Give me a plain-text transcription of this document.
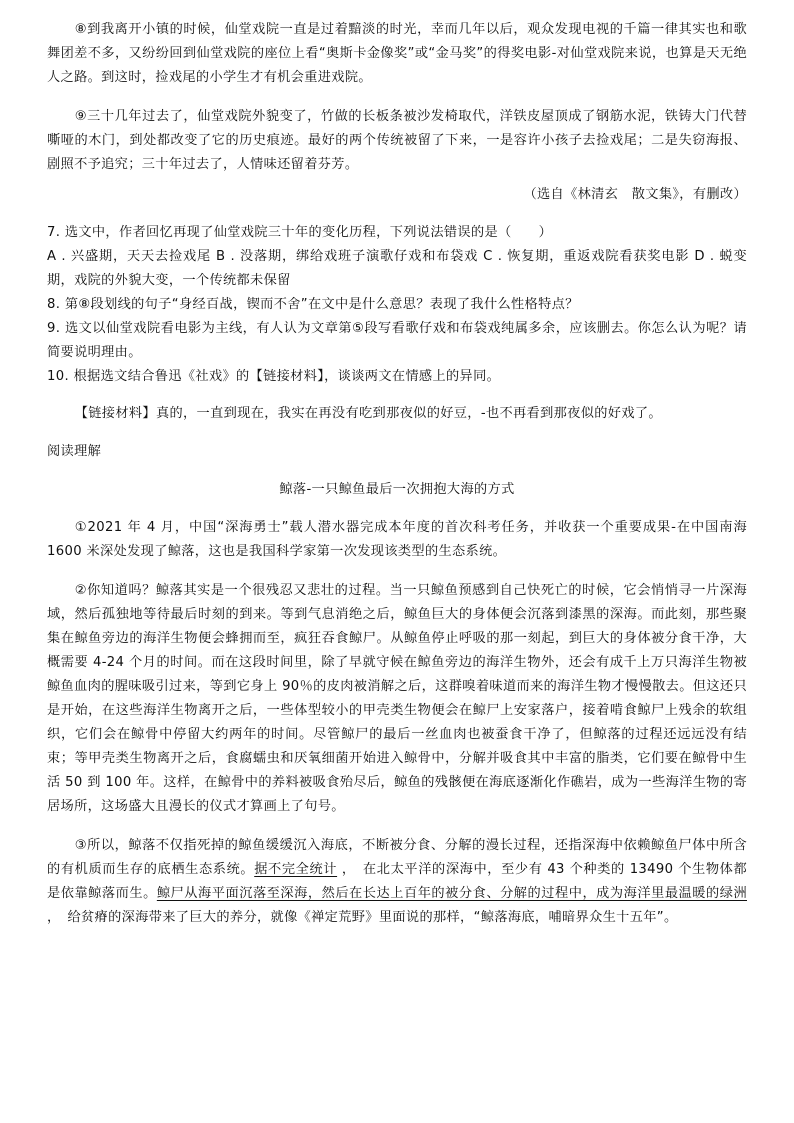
⑧到我离开小镇的时候，仙堂戏院一直是过着黯淡的时光，幸而几年以后，观众发现电视的千篇一律其实也和歌舞团差不多，又纷纷回到仙堂戏院的座位上看“奥斯卡金像奖”或“金马奖”的得奖电影-对仙堂戏院来说，也算是天无绝人之路。到这时，捡戏尾的小学生才有机会重进戏院。

⑨三十几年过去了，仙堂戏院外貌变了，竹做的长板条被沙发椅取代，洋铁皮屋顶成了钢筋水泥，铁铸大门代替嘶哑的木门，到处都改变了它的历史痕迹。最好的两个传统被留了下来，一是容许小孩子去捡戏尾；二是失窃海报、剧照不予追究；三十年过去了，人情味还留着芬芳。

（选自《林清玄　散文集》，有删改）

7. 选文中，作者回忆再现了仙堂戏院三十年的变化历程，下列说法错误的是（　　）

A . 兴盛期，天天去捡戏尾 B . 没落期，绑给戏班子演歌仔戏和布袋戏 C . 恢复期，重返戏院看获奖电影 D . 蜕变期，戏院的外貌大变，一个传统都未保留

8. 第⑧段划线的句子“身经百战，锲而不舍”在文中是什么意思？表现了我什么性格特点？

9. 选文以仙堂戏院看电影为主线，有人认为文章第⑤段写看歌仔戏和布袋戏纯属多余，应该删去。你怎么认为呢？请简要说明理由。

10. 根据选文结合鲁迅《社戏》的【链接材料】，谈谈两文在情感上的异同。

【链接材料】真的，一直到现在，我实在再没有吃到那夜似的好豆，-也不再看到那夜似的好戏了。

阅读理解

鲸落-一只鲸鱼最后一次拥抱大海的方式

①2021 年 4 月，中国“深海勇士”载人潜水器完成本年度的首次科考任务，并收获一个重要成果-在中国南海 1600 米深处发现了鲸落，这也是我国科学家第一次发现该类型的生态系统。

②你知道吗？鲸落其实是一个很残忍又悲壮的过程。当一只鲸鱼预感到自己快死亡的时候，它会悄悄寻一片深海域，然后孤独地等待最后时刻的到来。等到气息消绝之后，鲸鱼巨大的身体便会沉落到漆黑的深海。而此刻，那些聚集在鲸鱼旁边的海洋生物便会蜂拥而至，疯狂吞食鲸尸。从鲸鱼停止呼吸的那一刻起，到巨大的身体被分食干净，大概需要 4-24 个月的时间。而在这段时间里，除了早就守候在鲸鱼旁边的海洋生物外，还会有成千上万只海洋生物被鲸鱼血肉的腥味吸引过来，等到它身上 90％的皮肉被消解之后，这群嗅着味道而来的海洋生物才慢慢散去。但这还只是开始，在这些海洋生物离开之后，一些体型较小的甲壳类生物便会在鲸尸上安家落户，接着啃食鲸尸上残余的软组织，它们会在鲸骨中停留大约两年的时间。尽管鲸尸的最后一丝血肉也被蚕食干净了，但鲸落的过程还远远没有结束；等甲壳类生物离开之后，食腐蠕虫和厌氧细菌开始进入鲸骨中，分解并吸食其中丰富的脂类，它们要在鲸骨中生活 50 到 100 年。这样，在鲸骨中的养料被吸食殆尽后，鲸鱼的残骸便在海底逐渐化作礁岩，成为一些海洋生物的寄居场所，这场盛大且漫长的仪式才算画上了句号。

③所以，鲸落不仅指死掉的鲸鱼缓缓沉入海底，不断被分食、分解的漫长过程，还指深海中依赖鲸鱼尸体中所含的有机质而生存的底栖生态系统。据不完全统计 ，　在北太平洋的深海中，至少有 43 个种类的 13490 个生物体都是依靠鲸落而生。鲸尸从海平面沉落至深海，然后在长达上百年的被分食、分解的过程中，成为海洋里最温暖的绿洲 ，　给贫瘠的深海带来了巨大的养分，就像《禅定荒野》里面说的那样，“鲸落海底，哺暗界众生十五年”。
